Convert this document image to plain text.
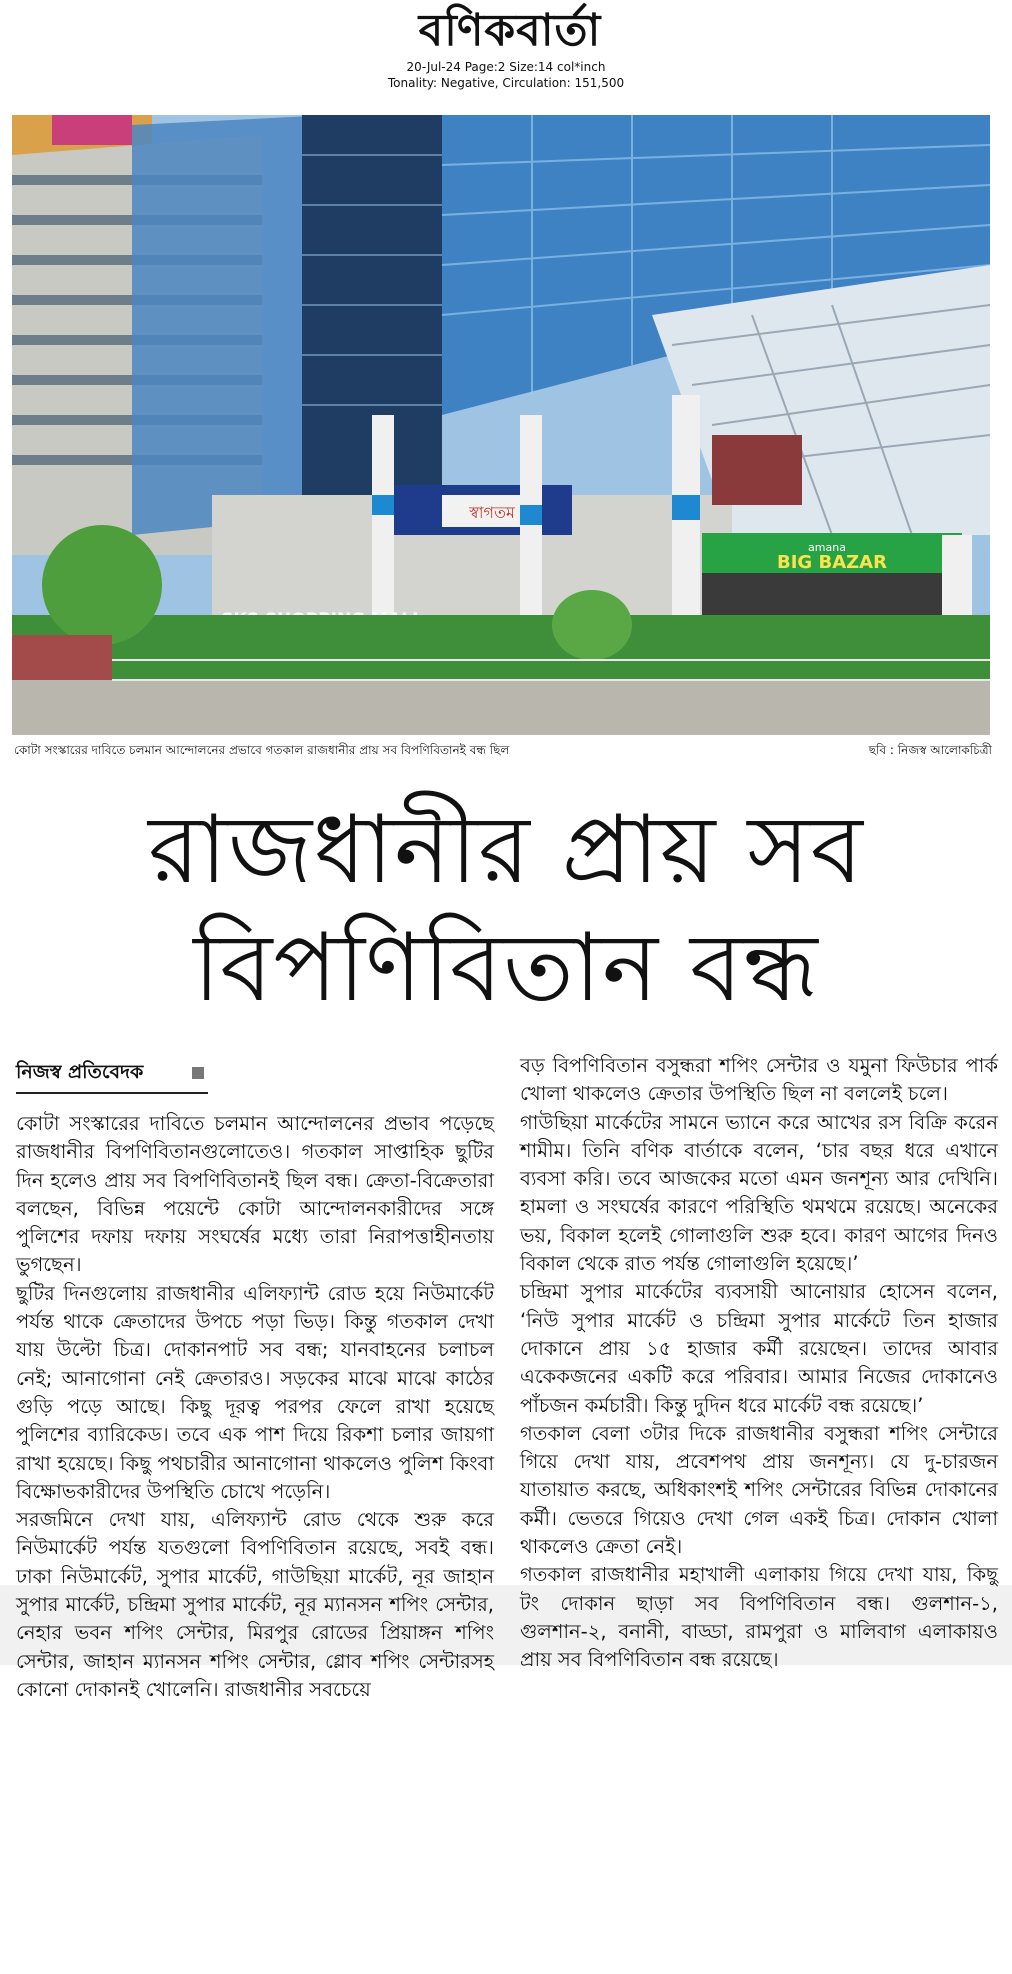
বণিকবার্তা
20-Jul-24 Page:2 Size:14 col*inch
Tonality: Negative, Circulation: 151,500
স্বাগতম
amana
BIG BAZAR
কোটা সংস্কারের দাবিতে চলমান আন্দোলনের প্রভাবে গতকাল রাজধানীর প্রায় সব বিপণিবিতানই বন্ধ ছিল	ছবি : নিজস্ব আলোকচিত্রী
রাজধানীর প্রায় সব
বিপণিবিতান বন্ধ
নিজস্ব প্রতিবেদক

কোটা সংস্কারের দাবিতে চলমান আন্দোলনের প্রভাব পড়েছে রাজধানীর বিপণিবিতানগুলোতেও। গতকাল সাপ্তাহিক ছুটির দিন হলেও প্রায় সব বিপণিবিতানই ছিল বন্ধ। ক্রেতা-বিক্রেতারা বলছেন, বিভিন্ন পয়েন্টে কোটা আন্দোলনকারীদের সঙ্গে পুলিশের দফায় দফায় সংঘর্ষের মধ্যে তারা নিরাপত্তাহীনতায় ভুগছেন।

ছুটির দিনগুলোয় রাজধানীর এলিফ্যান্ট রোড হয়ে নিউমার্কেট পর্যন্ত থাকে ক্রেতাদের উপচে পড়া ভিড়। কিন্তু গতকাল দেখা যায় উল্টো চিত্র। দোকানপাট সব বন্ধ; যানবাহনের চলাচল নেই; আনাগোনা নেই ক্রেতারও। সড়কের মাঝে মাঝে কাঠের গুড়ি পড়ে আছে। কিছু দূরত্ব পরপর ফেলে রাখা হয়েছে পুলিশের ব্যারিকেড। তবে এক পাশ দিয়ে রিকশা চলার জায়গা রাখা হয়েছে। কিছু পথচারীর আনাগোনা থাকলেও পুলিশ কিংবা বিক্ষোভকারীদের উপস্থিতি চোখে পড়েনি।

সরজমিনে দেখা যায়, এলিফ্যান্ট রোড থেকে শুরু করে নিউমার্কেট পর্যন্ত যতগুলো বিপণিবিতান রয়েছে, সবই বন্ধ। ঢাকা নিউমার্কেট, সুপার মার্কেট, গাউছিয়া মার্কেট, নূর জাহান সুপার মার্কেট, চন্দ্রিমা সুপার মার্কেট, নূর ম্যানসন শপিং সেন্টার, নেহার ভবন শপিং সেন্টার, মিরপুর রোডের প্রিয়াঙ্গন শপিং সেন্টার, জাহান ম্যানসন শপিং সেন্টার, গ্লোব শপিং সেন্টারসহ কোনো দোকানই খোলেনি। রাজধানীর সবচেয়ে

বড় বিপণিবিতান বসুন্ধরা শপিং সেন্টার ও যমুনা ফিউচার পার্ক খোলা থাকলেও ক্রেতার উপস্থিতি ছিল না বললেই চলে।

গাউছিয়া মার্কেটের সামনে ভ্যানে করে আখের রস বিক্রি করেন শামীম। তিনি বণিক বার্তাকে বলেন, ‘চার বছর ধরে এখানে ব্যবসা করি। তবে আজকের মতো এমন জনশূন্য আর দেখিনি। হামলা ও সংঘর্ষের কারণে পরিস্থিতি থমথমে রয়েছে। অনেকের ভয়, বিকাল হলেই গোলাগুলি শুরু হবে। কারণ আগের দিনও বিকাল থেকে রাত পর্যন্ত গোলাগুলি হয়েছে।’

চন্দ্রিমা সুপার মার্কেটের ব্যবসায়ী আনোয়ার হোসেন বলেন, ‘নিউ সুপার মার্কেট ও চন্দ্রিমা সুপার মার্কেটে তিন হাজার দোকানে প্রায় ১৫ হাজার কর্মী রয়েছেন। তাদের আবার একেকজনের একটি করে পরিবার। আমার নিজের দোকানেও পাঁচজন কর্মচারী। কিন্তু দুদিন ধরে মার্কেট বন্ধ রয়েছে।’

গতকাল বেলা ৩টার দিকে রাজধানীর বসুন্ধরা শপিং সেন্টারে গিয়ে দেখা যায়, প্রবেশপথ প্রায় জনশূন্য। যে দু-চারজন যাতায়াত করছে, অধিকাংশই শপিং সেন্টারের বিভিন্ন দোকানের কর্মী। ভেতরে গিয়েও দেখা গেল একই চিত্র। দোকান খোলা থাকলেও ক্রেতা নেই।

গতকাল রাজধানীর মহাখালী এলাকায় গিয়ে দেখা যায়, কিছু টং দোকান ছাড়া সব বিপণিবিতান বন্ধ। গুলশান-১, গুলশান-২, বনানী, বাড্ডা, রামপুরা ও মালিবাগ এলাকায়ও প্রায় সব বিপণিবিতান বন্ধ রয়েছে।
